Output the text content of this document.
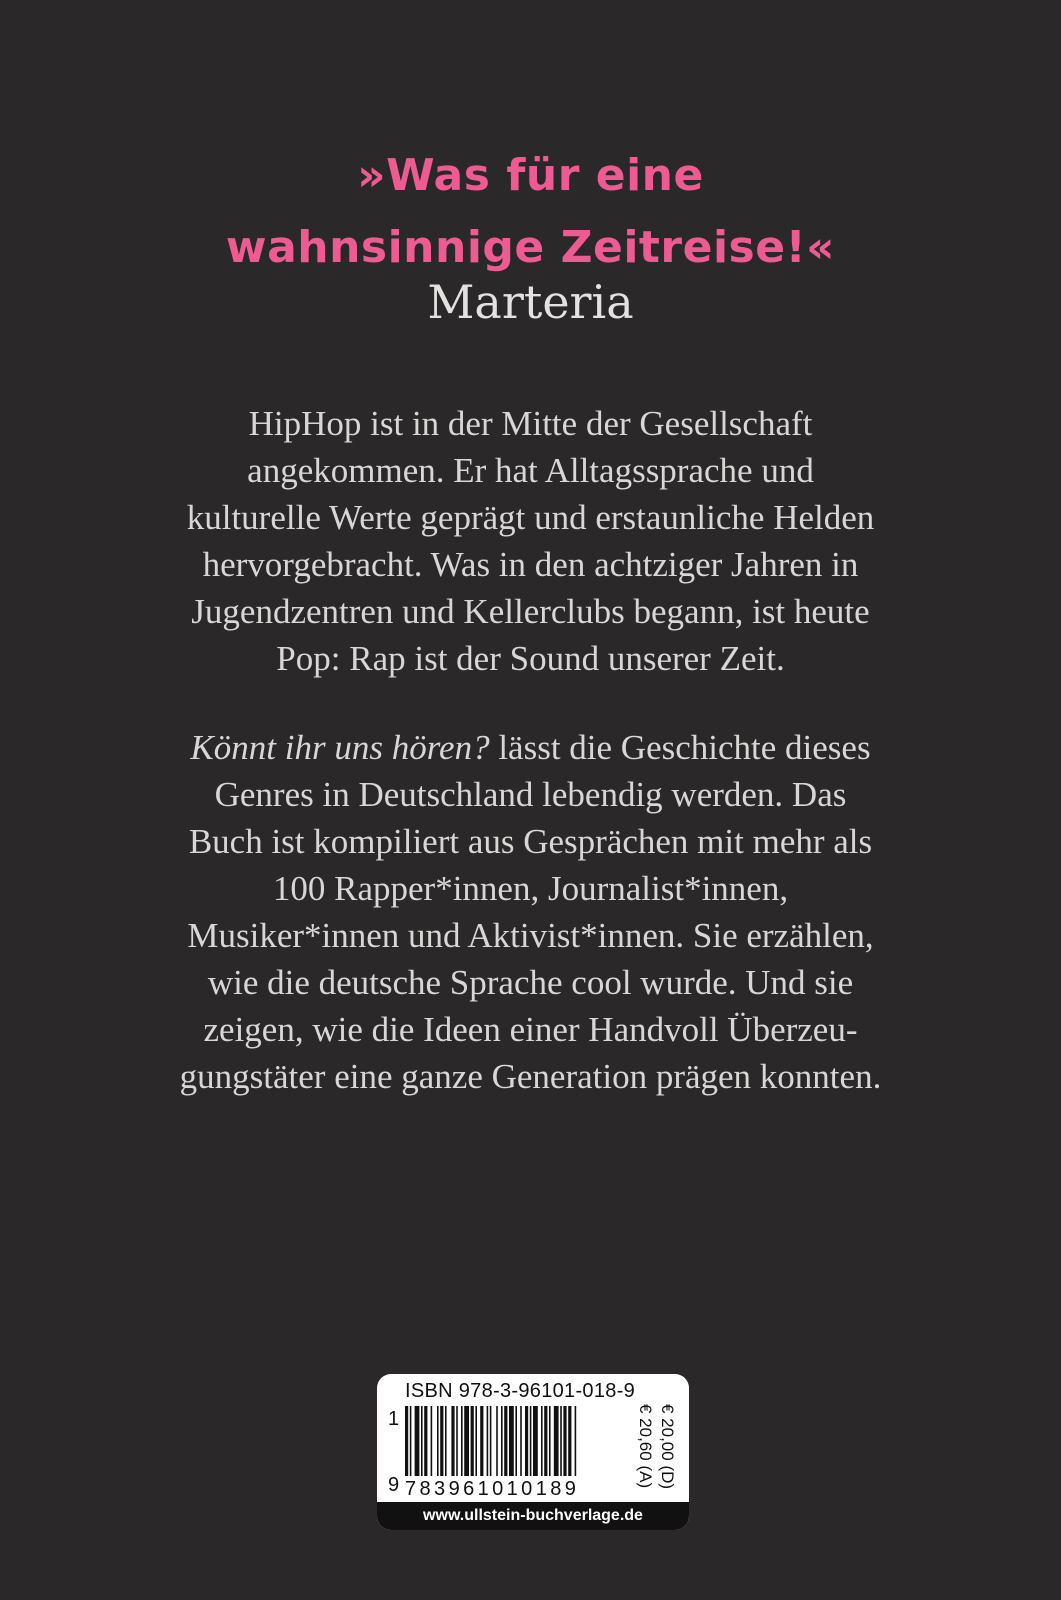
»Was für eine
wahnsinnige Zeitreise!«
Marteria
HipHop ist in der Mitte der Gesellschaft
angekommen. Er hat Alltagssprache und
kulturelle Werte geprägt und erstaunliche Helden
hervorgebracht. Was in den achtziger Jahren in
Jugendzentren und Kellerclubs begann, ist heute
Pop: Rap ist der Sound unserer Zeit.
Könnt ihr uns hören? lässt die Geschichte dieses
Genres in Deutschland lebendig werden. Das
Buch ist kompiliert aus Gesprächen mit mehr als
100 Rapper*innen, Journalist*innen,
Musiker*innen und Aktivist*innen. Sie erzählen,
wie die deutsche Sprache cool wurde. Und sie
zeigen, wie die Ideen einer Handvoll Überzeu-
gungstäter eine ganze Generation prägen konnten.
ISBN 978-3-96101-018-9
1
9 783961010189	€ 20,00 (D)
€ 20,60 (A)
www.ullstein-buchverlage.de
